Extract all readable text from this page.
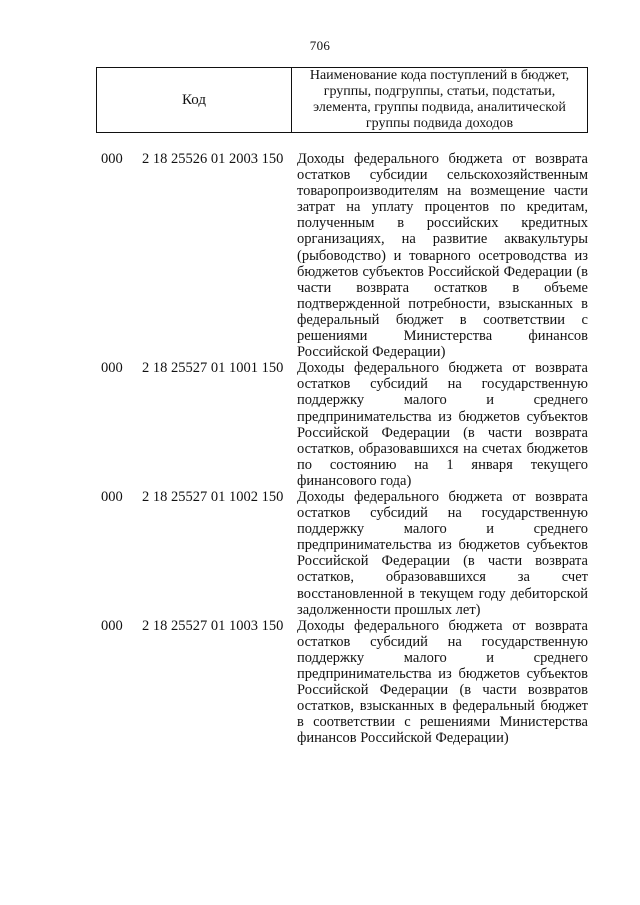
706
Код
Наименование кода поступлений в бюджет, группы, подгруппы, статьи, подстатьи, элемента, группы подвида, аналитической группы подвида доходов
000 2 18 25526 01 2003 150 Доходы федерального бюджета от возврата остатков субсидии сельскохозяйственным товаропроизводителям на возмещение части затрат на уплату процентов по кредитам, полученным в российских кредитных организациях, на развитие аквакультуры (рыбоводство) и товарного осетроводства из бюджетов субъектов Российской Федерации (в части возврата остатков в объеме подтвержденной потребности, взысканных в федеральный бюджет в соответствии с решениями Министерства финансов Российской Федерации)
000 2 18 25527 01 1001 150 Доходы федерального бюджета от возврата остатков субсидий на государственную поддержку малого и среднего предпринимательства из бюджетов субъектов Российской Федерации (в части возврата остатков, образовавшихся на счетах бюджетов по состоянию на 1 января текущего финансового года)
000 2 18 25527 01 1002 150 Доходы федерального бюджета от возврата остатков субсидий на государственную поддержку малого и среднего предпринимательства из бюджетов субъектов Российской Федерации (в части возврата остатков, образовавшихся за счет восстановленной в текущем году дебиторской задолженности прошлых лет)
000 2 18 25527 01 1003 150 Доходы федерального бюджета от возврата остатков субсидий на государственную поддержку малого и среднего предпринимательства из бюджетов субъектов Российской Федерации (в части возвратов остатков, взысканных в федеральный бюджет в соответствии с решениями Министерства финансов Российской Федерации)
